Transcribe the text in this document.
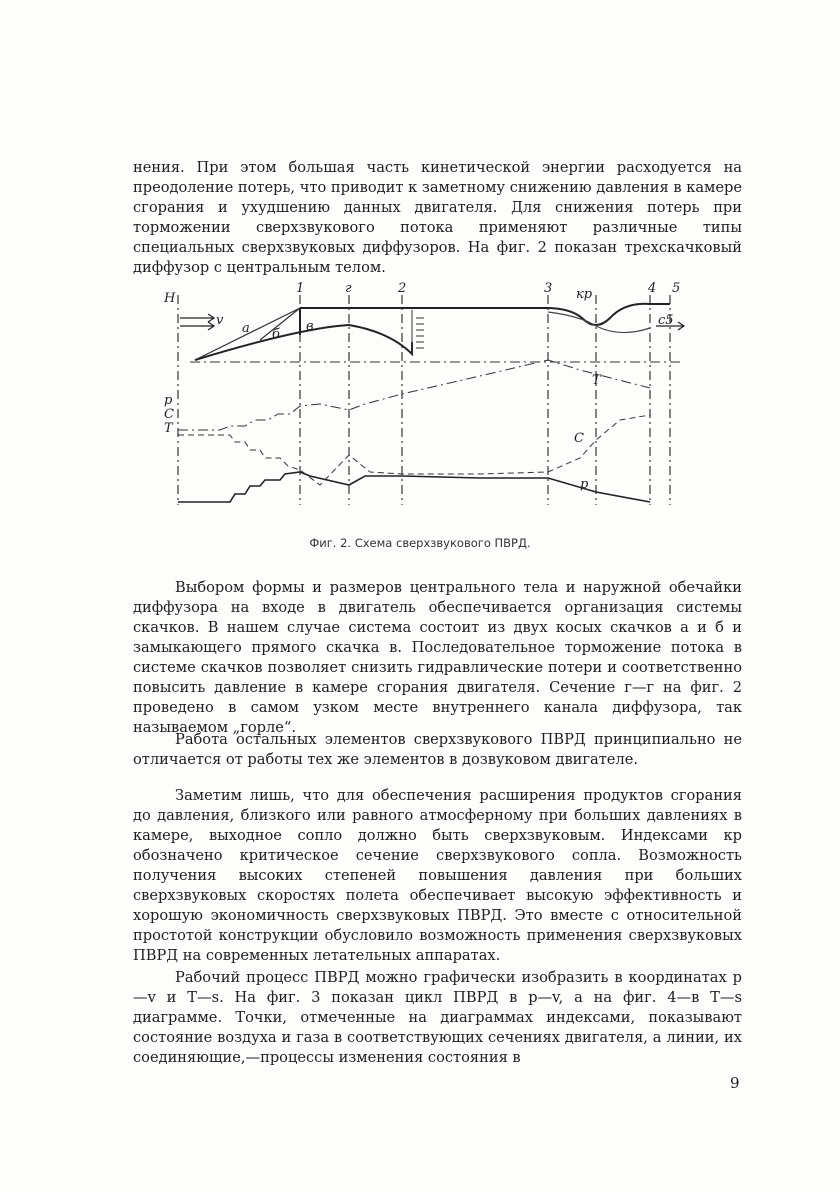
нения. При этом большая часть кинетической энергии расходуется на преодоление потерь, что приводит к заметному снижению давления в камере сгорания и ухудшению данных двигателя. Для снижения потерь при торможении сверхзвукового потока применяют различные типы специальных сверхзвуковых диффузоров. На фиг. 2 показан трехскачковый диффузор с центральным телом.

H
1	г	2	3 кр	4 5
v
а б
в	c5
T
C
p
p
C
T
Фиг. 2. Схема сверхзвукового ПВРД.

Выбором формы и размеров центрального тела и наружной обечайки диффузора на входе в двигатель обеспечивается организация системы скачков. В нашем случае система состоит из двух косых скачков а и б и замыкающего прямого скачка в. Последовательное торможение потока в системе скачков позволяет снизить гидравлические потери и соответственно повысить давление в камере сгорания двигателя. Сечение г—г на фиг. 2 проведено в самом узком месте внутреннего канала диффузора, так называемом „горле“.

Работа остальных элементов сверхзвукового ПВРД принципиально не отличается от работы тех же элементов в дозвуковом двигателе.

Заметим лишь, что для обеспечения расширения продуктов сгорания до давления, близкого или равного атмосферному при больших давлениях в камере, выходное сопло должно быть сверхзвуковым. Индексами кр обозначено критическое сечение сверхзвукового сопла. Возможность получения высоких степеней повышения давления при больших сверхзвуковых скоростях полета обеспечивает высокую эффективность и хорошую экономичность сверхзвуковых ПВРД. Это вместе с относительной простотой конструкции обусловило возможность применения сверхзвуковых ПВРД на современных летательных аппаратах.

Рабочий процесс ПВРД можно графически изобразить в координатах p—v и T—s. На фиг. 3 показан цикл ПВРД в p—v, а на фиг. 4—в T—s диаграмме. Точки, отмеченные на диаграммах индексами, показывают состояние воздуха и газа в соответствующих сечениях двигателя, а линии, их соединяющие,—процессы изменения состояния в

9
